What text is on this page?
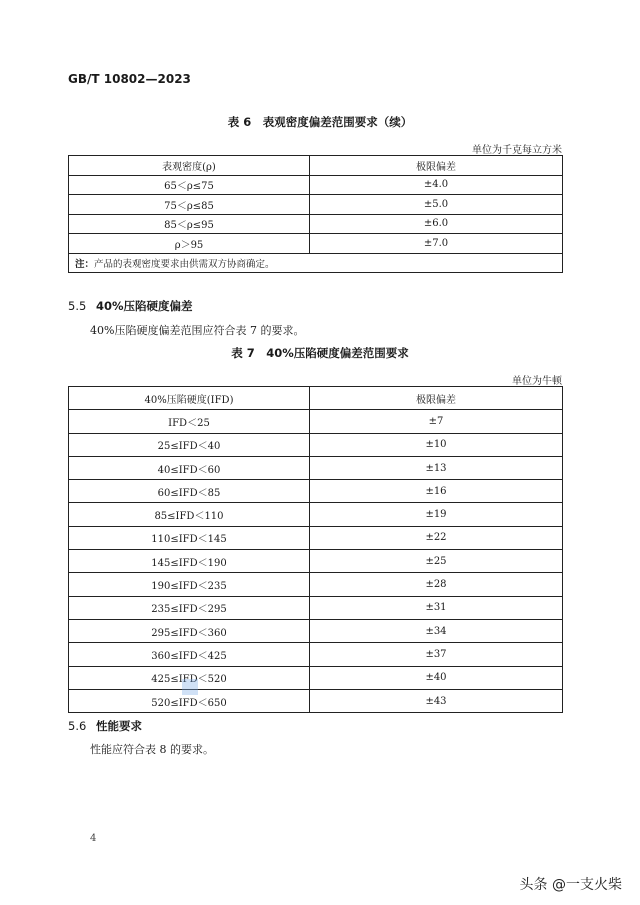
GB/T 10802—2023
表 6　表观密度偏差范围要求（续）
单位为千克每立方米
表观密度(ρ)	极限偏差
65＜ρ≤75	±4.0
75＜ρ≤85	±5.0
85＜ρ≤95	±6.0
ρ＞95	±7.0
注：产品的表观密度要求由供需双方协商确定。	
5.5 40%压陷硬度偏差
40%压陷硬度偏差范围应符合表 7 的要求。
表 7　40%压陷硬度偏差范围要求
单位为牛顿
40%压陷硬度(IFD)	极限偏差
IFD＜25	±7
25≤IFD＜40	±10
40≤IFD＜60	±13
60≤IFD＜85	±16
85≤IFD＜110	±19
110≤IFD＜145	±22
145≤IFD＜190	±25
190≤IFD＜235	±28
235≤IFD＜295	±31
295≤IFD＜360	±34
360≤IFD＜425	±37
425≤IFD＜520	±40
520≤IFD＜650	±43
5.6 性能要求
性能应符合表 8 的要求。
4
头条 @一支火柴
